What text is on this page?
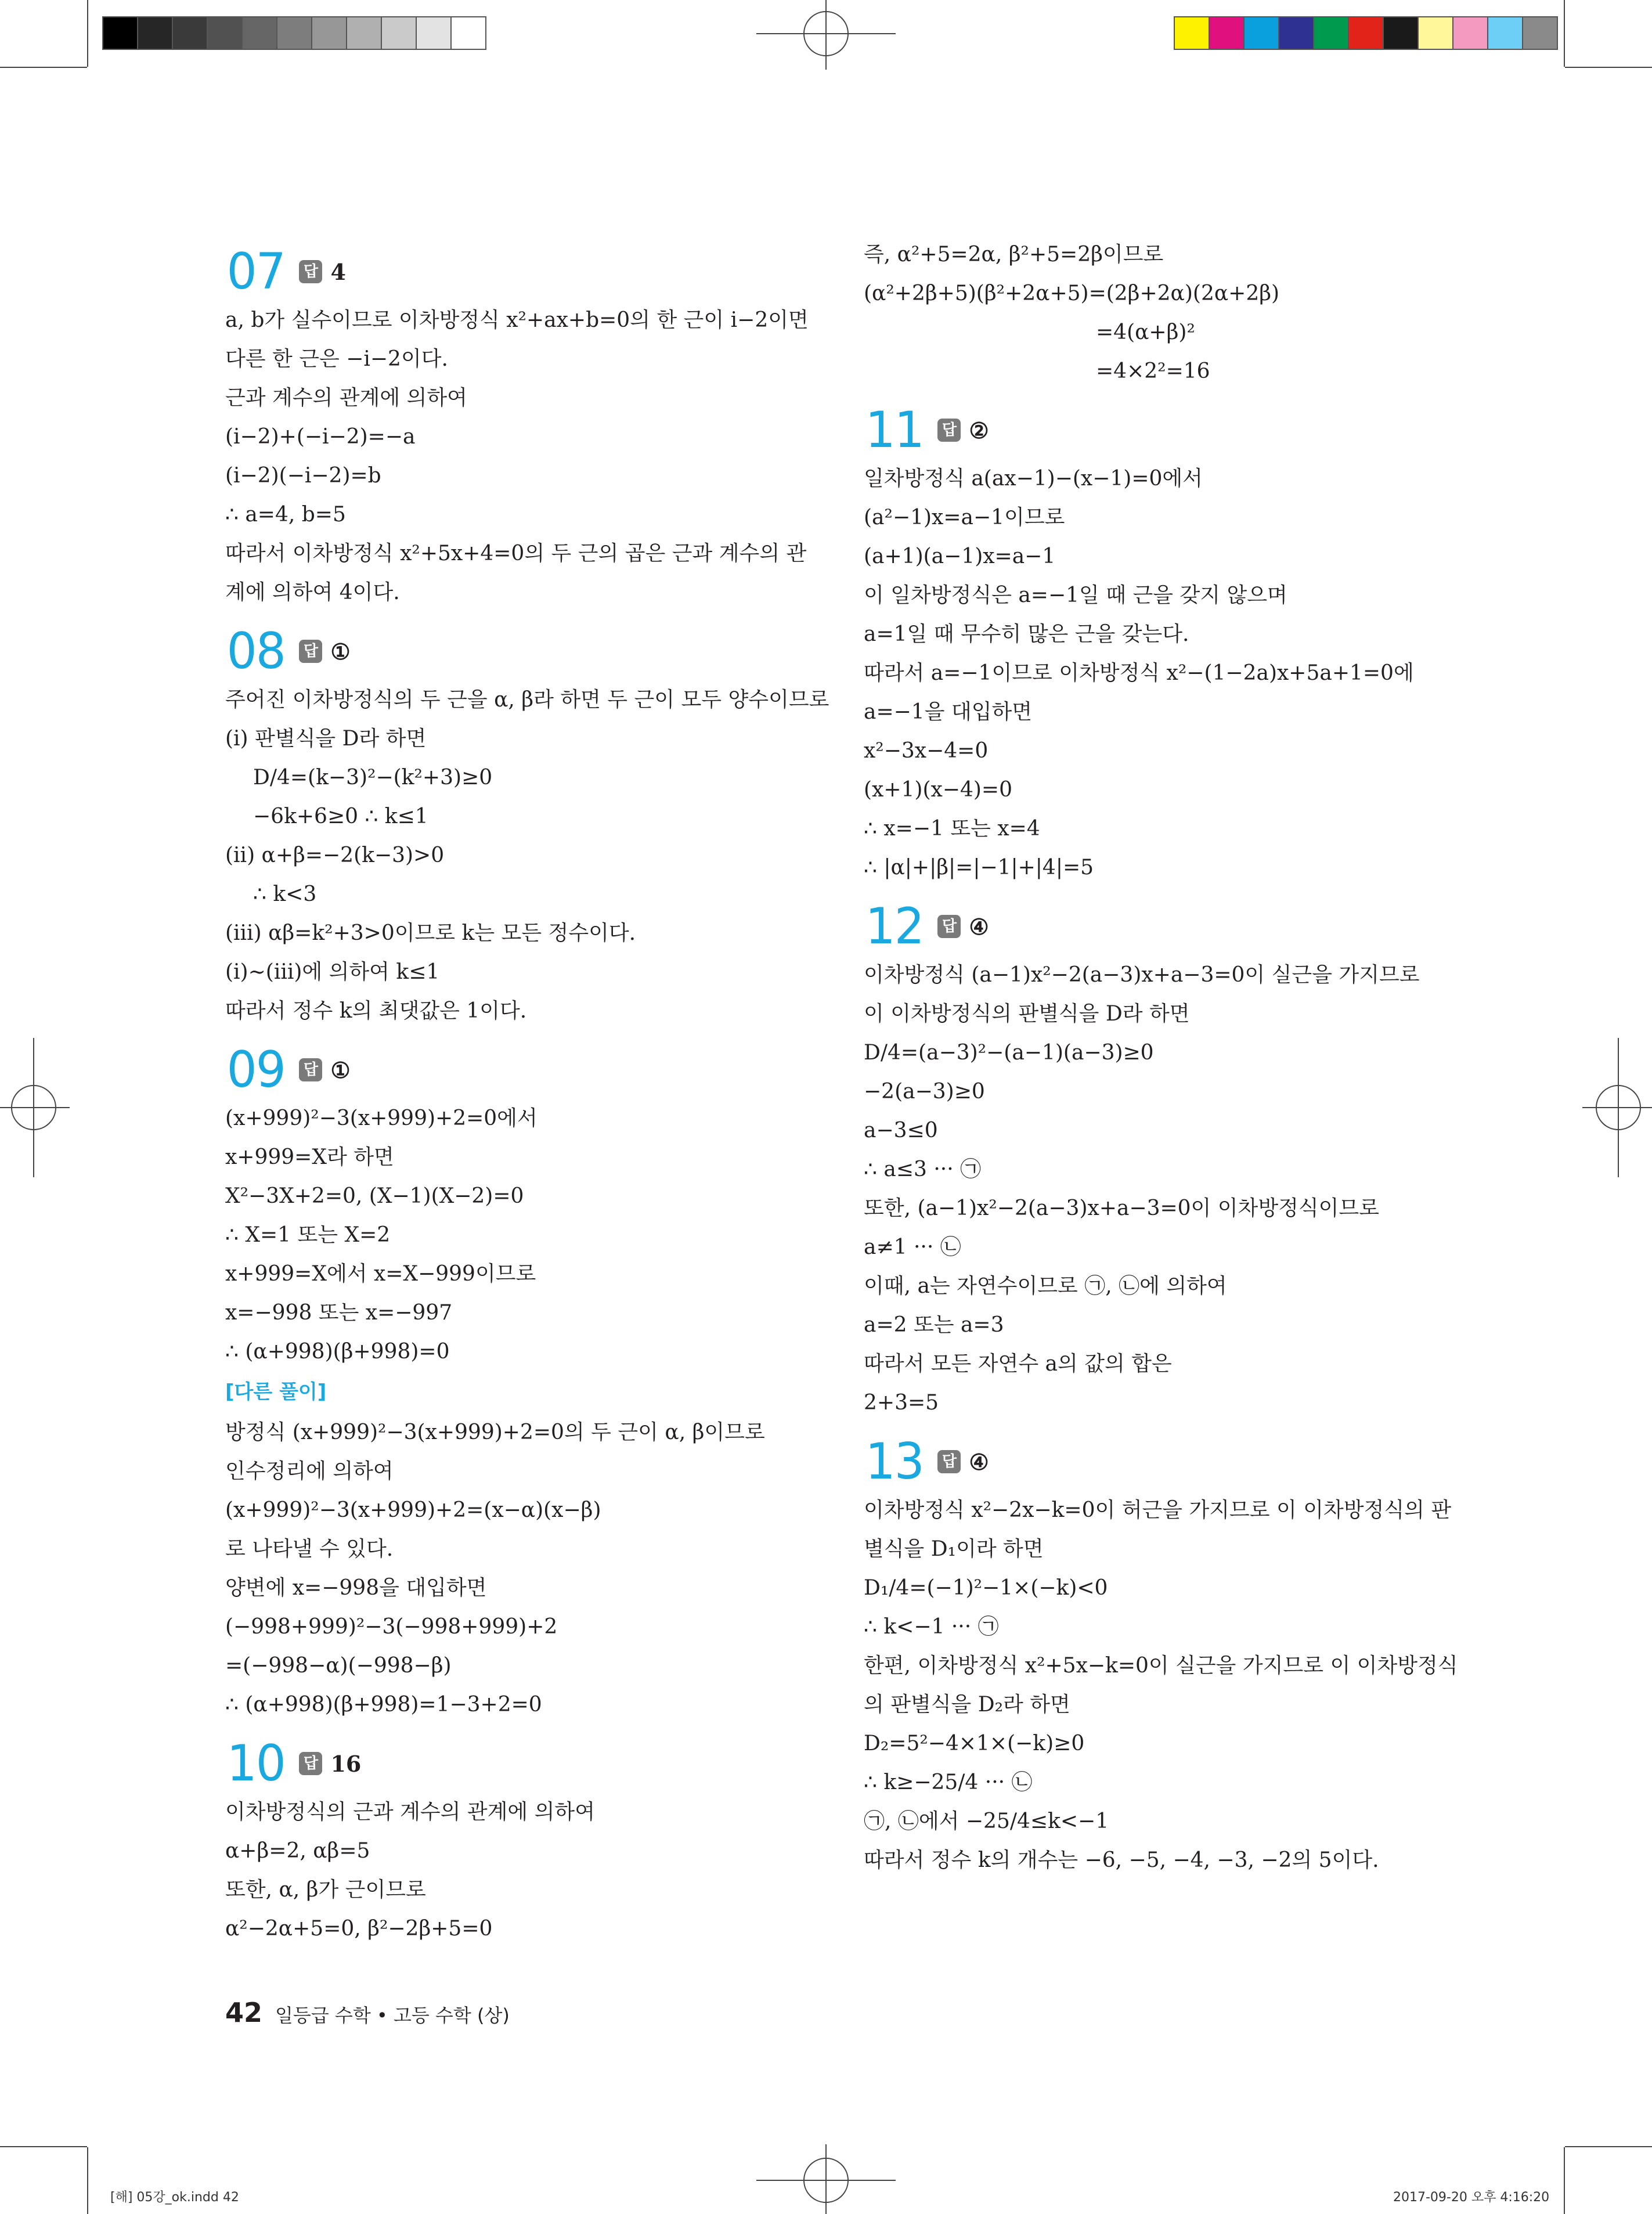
07 답 4
a, b가 실수이므로 이차방정식 x²+ax+b=0의 한 근이 i−2이면
다른 한 근은 −i−2이다.
근과 계수의 관계에 의하여
(i−2)+(−i−2)=−a
(i−2)(−i−2)=b
∴ a=4, b=5
따라서 이차방정식 x²+5x+4=0의 두 근의 곱은 근과 계수의 관
계에 의하여 4이다.
08 답 ①
주어진 이차방정식의 두 근을 α, β라 하면 두 근이 모두 양수이므로
(ⅰ) 판별식을 D라 하면
D/4=(k−3)²−(k²+3)≥0
−6k+6≥0 ∴ k≤1
(ⅱ) α+β=−2(k−3)>0
∴ k<3
(ⅲ) αβ=k²+3>0이므로 k는 모든 정수이다.
(ⅰ)~(ⅲ)에 의하여 k≤1
따라서 정수 k의 최댓값은 1이다.
09 답 ①
(x+999)²−3(x+999)+2=0에서
x+999=X라 하면
X²−3X+2=0, (X−1)(X−2)=0
∴ X=1 또는 X=2
x+999=X에서 x=X−999이므로
x=−998 또는 x=−997
∴ (α+998)(β+998)=0
[다른 풀이]
방정식 (x+999)²−3(x+999)+2=0의 두 근이 α, β이므로
인수정리에 의하여
(x+999)²−3(x+999)+2=(x−α)(x−β)
로 나타낼 수 있다.
양변에 x=−998을 대입하면
(−998+999)²−3(−998+999)+2
=(−998−α)(−998−β)
∴ (α+998)(β+998)=1−3+2=0
10 답 16
이차방정식의 근과 계수의 관계에 의하여
α+β=2, αβ=5
또한, α, β가 근이므로
α²−2α+5=0, β²−2β+5=0
즉, α²+5=2α, β²+5=2β이므로
(α²+2β+5)(β²+2α+5)=(2β+2α)(2α+2β)
=4(α+β)²
=4×2²=16
11 답 ②
일차방정식 a(ax−1)−(x−1)=0에서
(a²−1)x=a−1이므로
(a+1)(a−1)x=a−1
이 일차방정식은 a=−1일 때 근을 갖지 않으며
a=1일 때 무수히 많은 근을 갖는다.
따라서 a=−1이므로 이차방정식 x²−(1−2a)x+5a+1=0에
a=−1을 대입하면
x²−3x−4=0
(x+1)(x−4)=0
∴ x=−1 또는 x=4
∴ |α|+|β|=|−1|+|4|=5
12 답 ④
이차방정식 (a−1)x²−2(a−3)x+a−3=0이 실근을 가지므로
이 이차방정식의 판별식을 D라 하면
D/4=(a−3)²−(a−1)(a−3)≥0
−2(a−3)≥0
a−3≤0
∴ a≤3 ··· ㉠
또한, (a−1)x²−2(a−3)x+a−3=0이 이차방정식이므로
a≠1 ··· ㉡
이때, a는 자연수이므로 ㉠, ㉡에 의하여
a=2 또는 a=3
따라서 모든 자연수 a의 값의 합은
2+3=5
13 답 ④
이차방정식 x²−2x−k=0이 허근을 가지므로 이 이차방정식의 판
별식을 D₁이라 하면
D₁/4=(−1)²−1×(−k)<0
∴ k<−1 ··· ㉠
한편, 이차방정식 x²+5x−k=0이 실근을 가지므로 이 이차방정식
의 판별식을 D₂라 하면
D₂=5²−4×1×(−k)≥0
∴ k≥−25/4 ··· ㉡
㉠, ㉡에서 −25/4≤k<−1
따라서 정수 k의 개수는 −6, −5, −4, −3, −2의 5이다.
42 일등급 수학 • 고등 수학 (상)
[해] 05강_ok.indd 42	2017-09-20 오후 4:16:20
